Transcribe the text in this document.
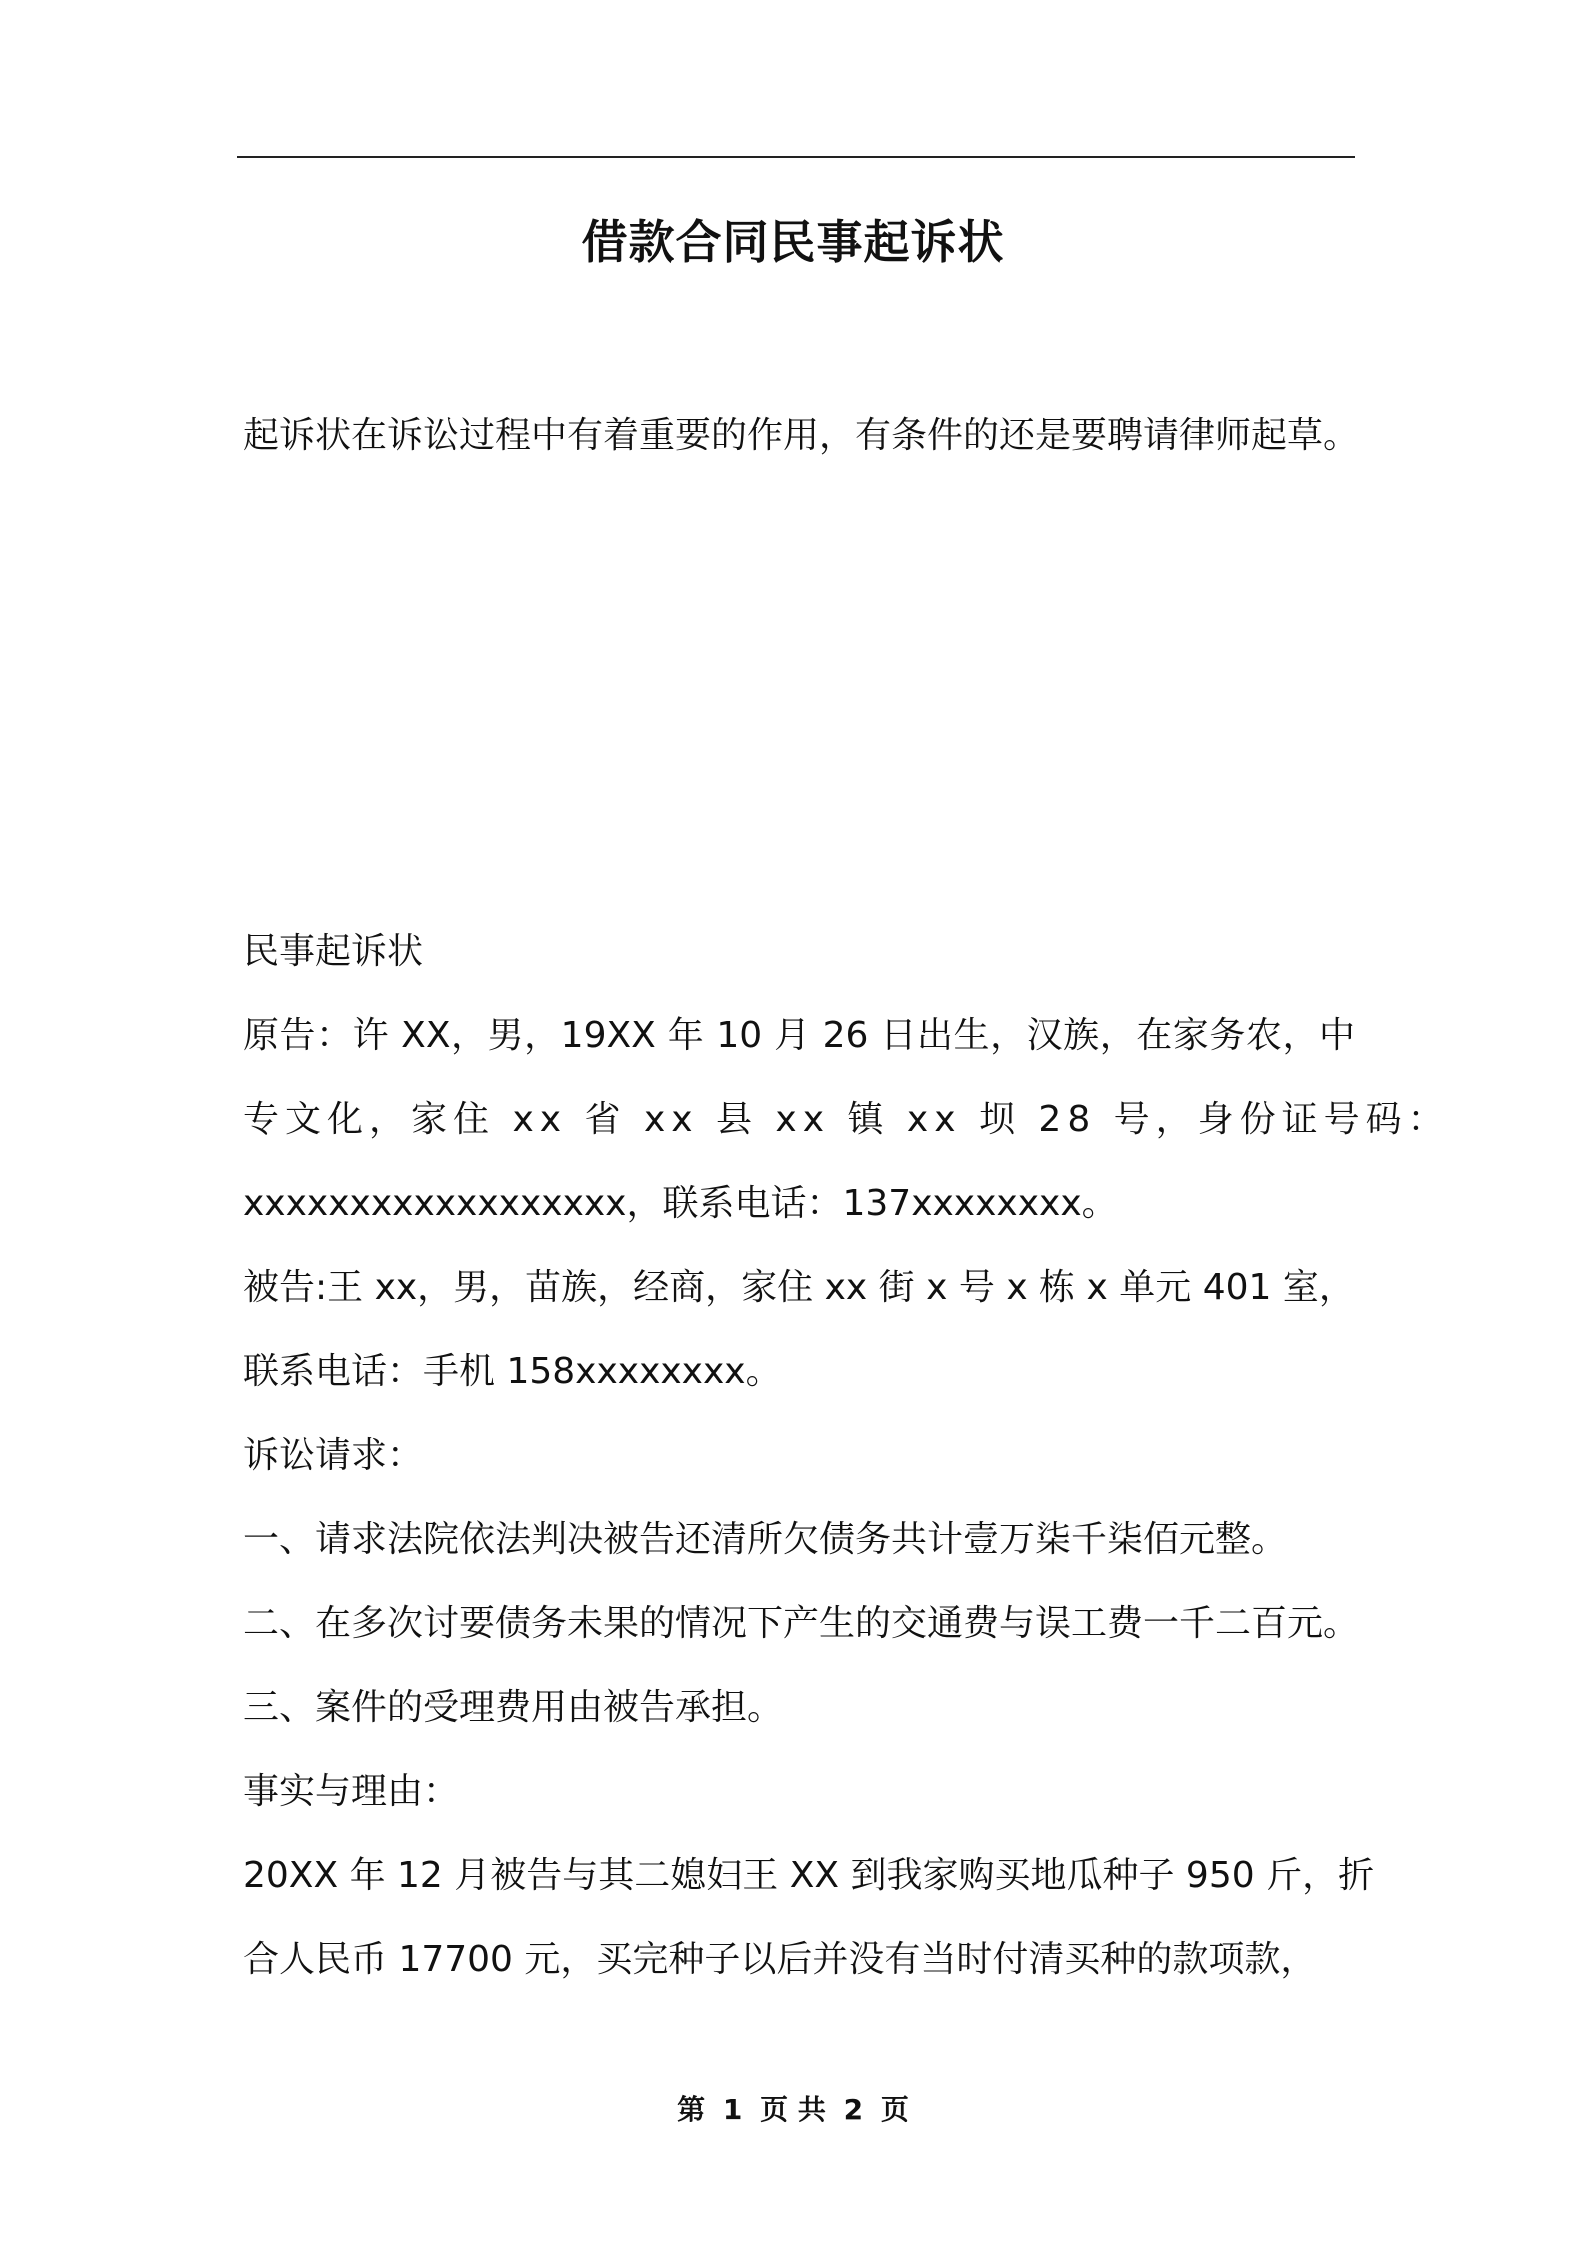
借款合同民事起诉状

起诉状在诉讼过程中有着重要的作用，有条件的还是要聘请律师起草。

民事起诉状

原告：许 XX，男，19XX 年 10 月 26 日出生，汉族，在家务农，中

专文化，家住 xx 省 xx 县 xx 镇 xx 坝 28 号，身份证号码：

xxxxxxxxxxxxxxxxxx，联系电话：137xxxxxxxx。

被告:王 xx，男，苗族，经商，家住 xx 街 x 号 x 栋 x 单元 401 室，

联系电话：手机 158xxxxxxxx。

诉讼请求：

一、请求法院依法判决被告还清所欠债务共计壹万柒千柒佰元整。

二、在多次讨要债务未果的情况下产生的交通费与误工费一千二百元。

三、案件的受理费用由被告承担。

事实与理由：

20XX 年 12 月被告与其二媳妇王 XX 到我家购买地瓜种子 950 斤，折

合人民币 17700 元，买完种子以后并没有当时付清买种的款项款，

第 1 页 共 2 页
